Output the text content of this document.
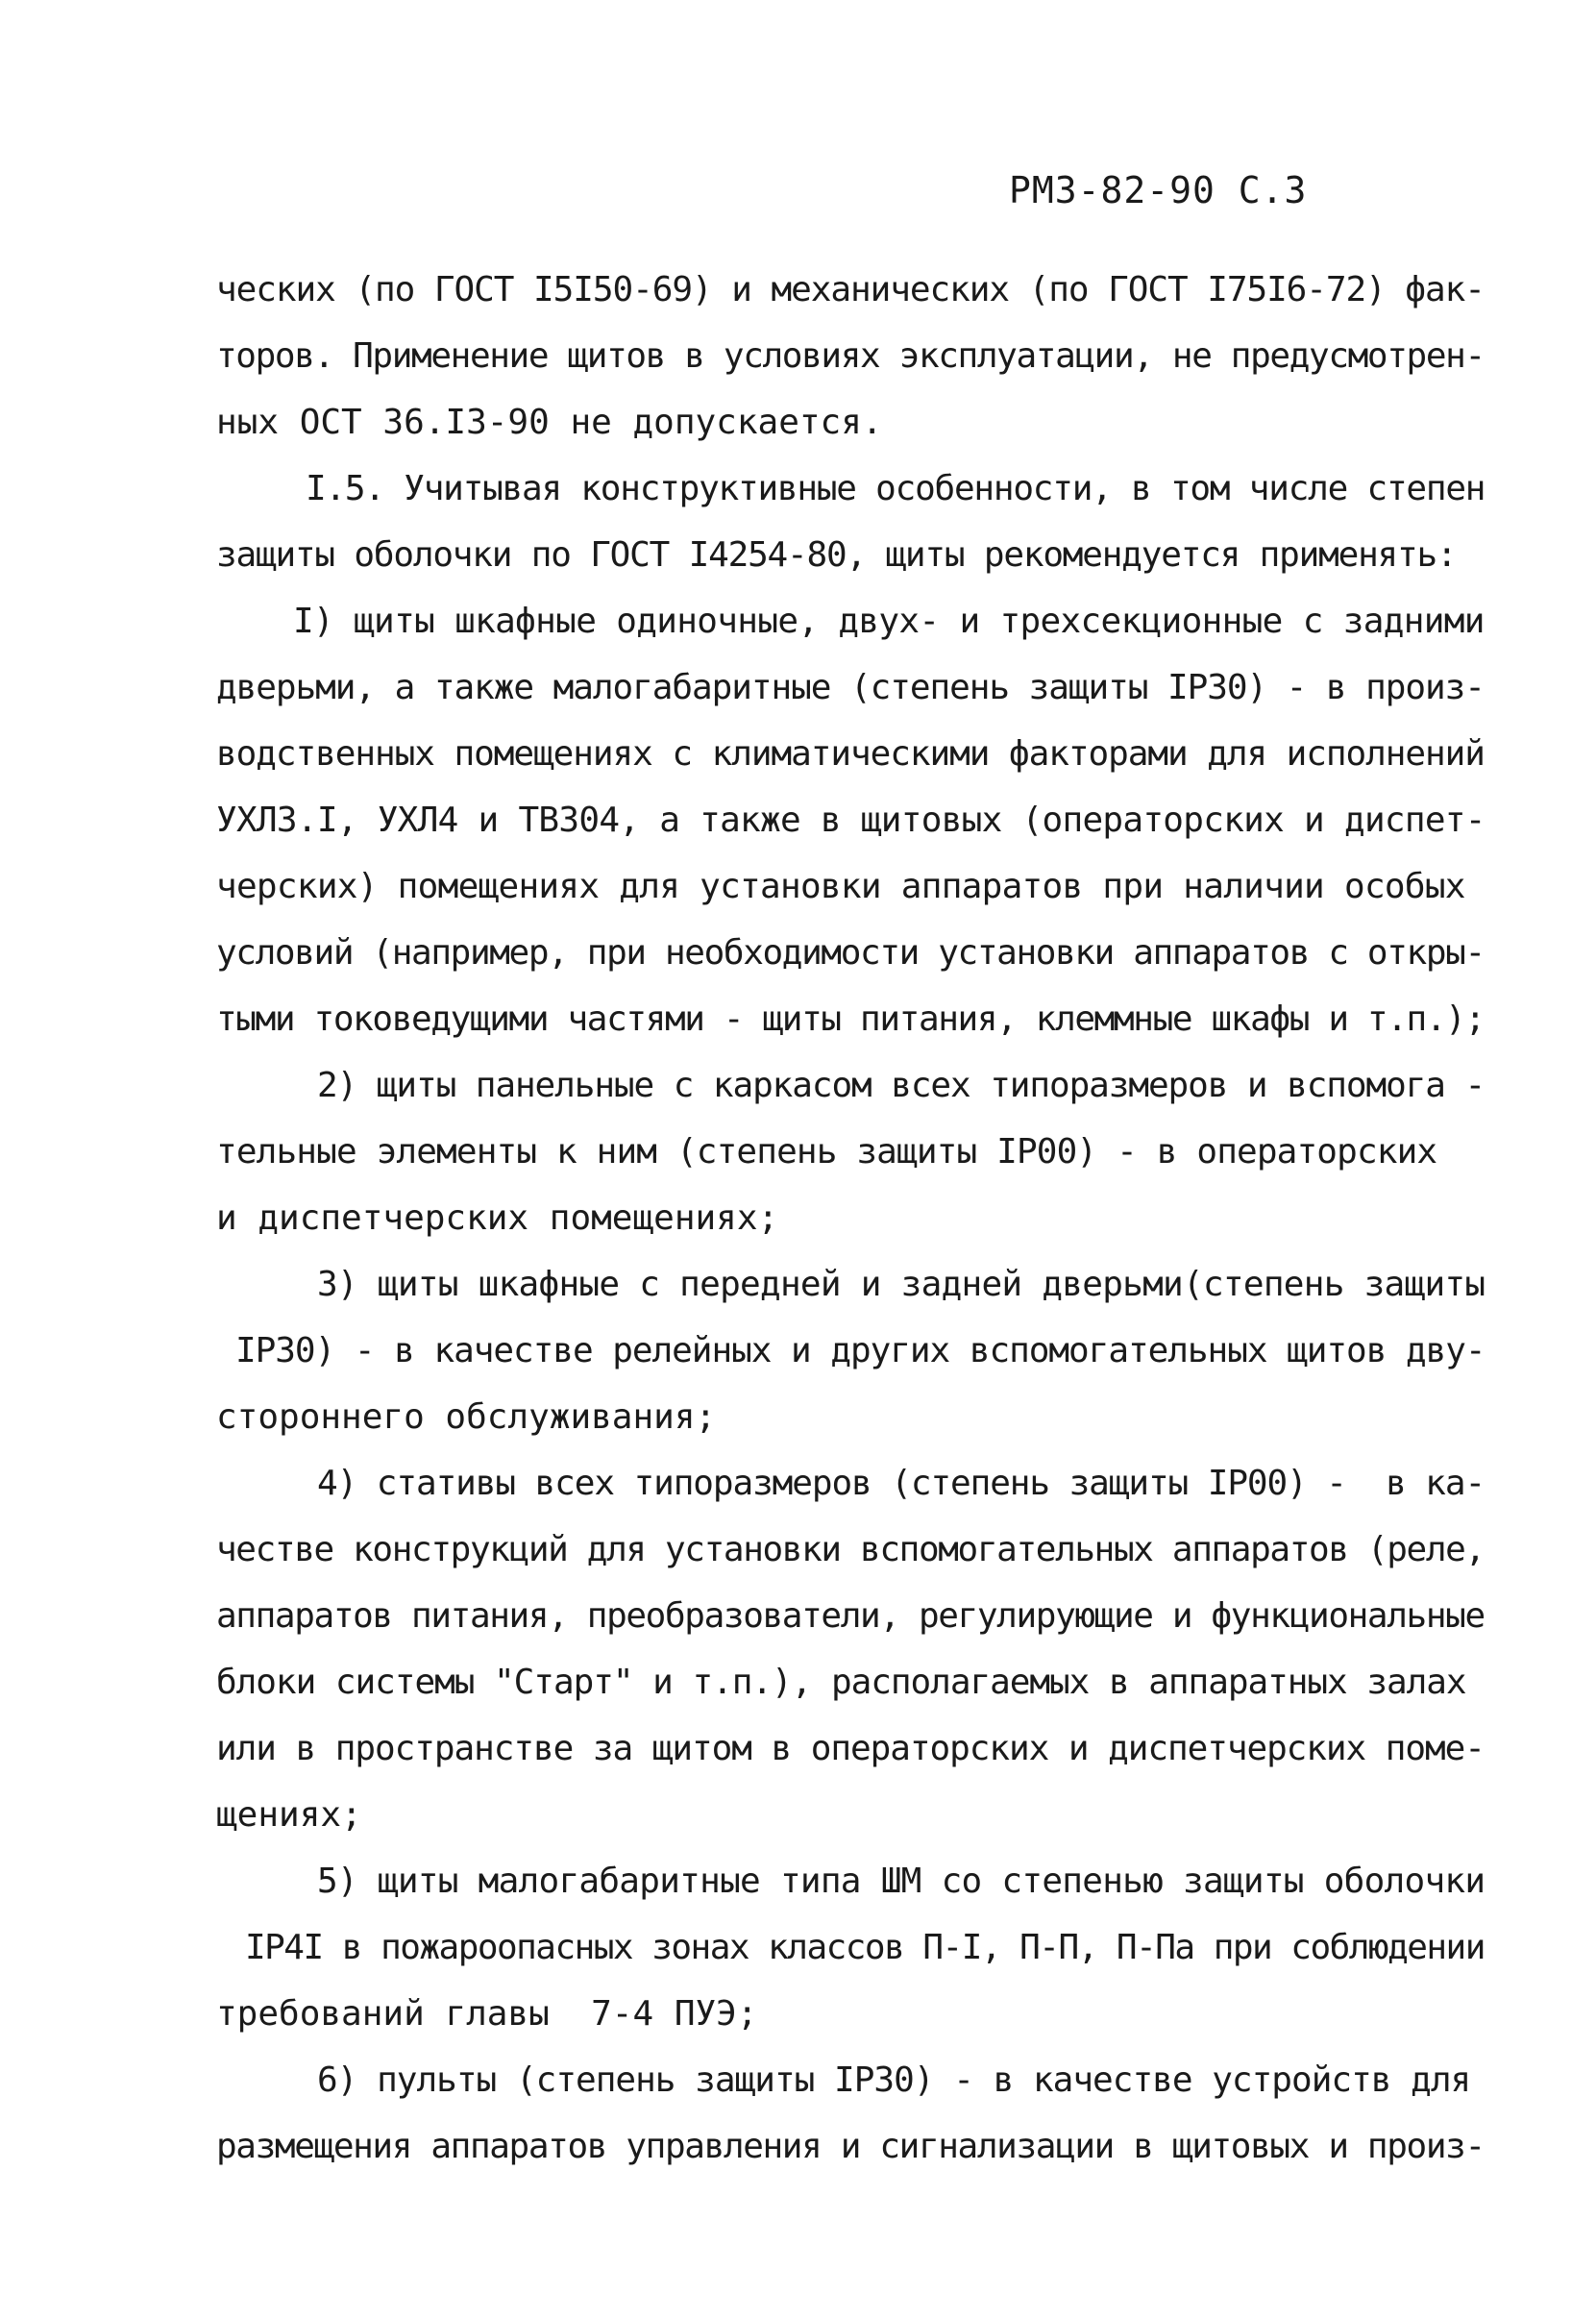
РМЗ-82-90 С.3
ческих (по ГОСТ I5I50-69) и механических (по ГОСТ I75I6-72) фак-
торов. Применение щитов в условиях эксплуатации, не предусмотрен-
ных ОСТ 36.I3-90 не допускается.
I.5. Учитывая конструктивные особенности, в том числе степен
защиты оболочки по ГОСТ I4254-80, щиты рекомендуется применять:
I) щиты шкафные одиночные, двух- и трехсекционные с задними
дверьми, а также малогабаритные (степень защиты IP30) - в произ-
водственных помещениях с климатическими факторами для исполнений
УХЛ3.I, УХЛ4 и ТВ304, а также в щитовых (операторских и диспет-
черских) помещениях для установки аппаратов при наличии особых
условий (например, при необходимости установки аппаратов с откры-
тыми токоведущими частями - щиты питания, клеммные шкафы и т.п.);
2) щиты панельные с каркасом всех типоразмеров и вспомога -
тельные элементы к ним (степень защиты IP00) - в операторских
и диспетчерских помещениях;
3) щиты шкафные с передней и задней дверьми(степень защиты
IP30) - в качестве релейных и других вспомогательных щитов дву-
стороннего обслуживания;
4) стативы всех типоразмеров (степень защиты IP00) -  в ка-
честве конструкций для установки вспомогательных аппаратов (реле,
аппаратов питания, преобразователи, регулирующие и функциональные
блоки системы "Старт" и т.п.), располагаемых в аппаратных залах
или в пространстве за щитом в операторских и диспетчерских поме-
щениях;
5) щиты малогабаритные типа ШМ со степенью защиты оболочки
IP4I в пожароопасных зонах классов П-I, П-П, П-Па при соблюдении
требований главы  7-4 ПУЭ;
6) пульты (степень защиты IP30) - в качестве устройств для
размещения аппаратов управления и сигнализации в щитовых и произ-
